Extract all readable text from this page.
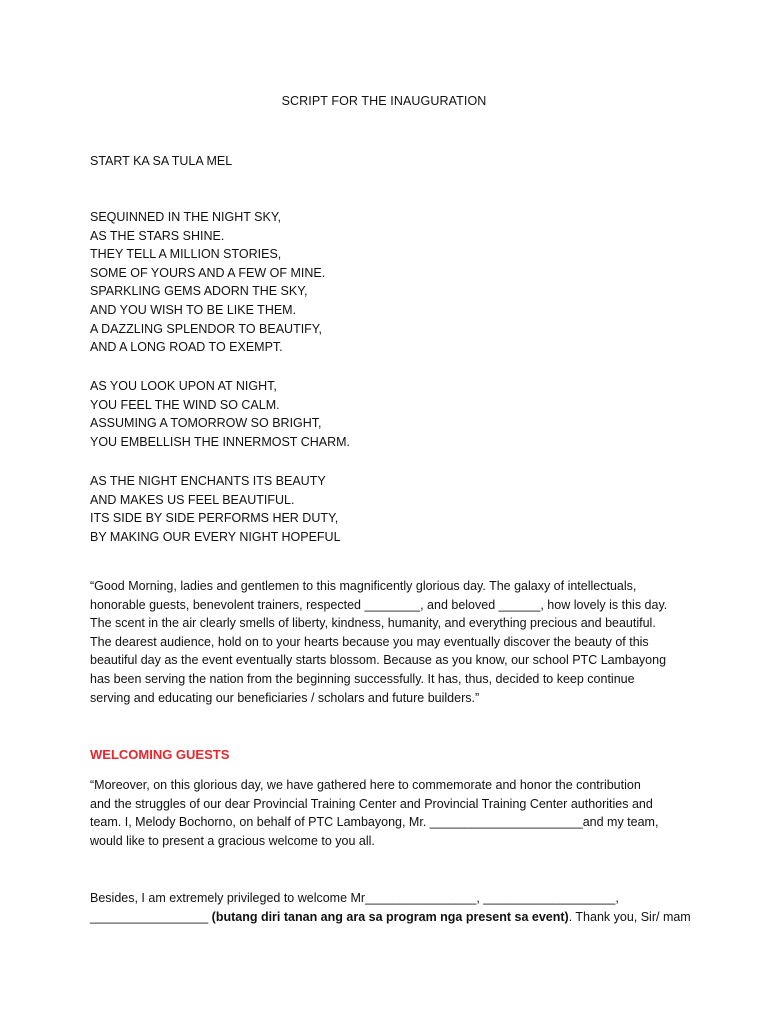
SCRIPT FOR THE INAUGURATION
START KA SA TULA MEL
SEQUINNED IN THE NIGHT SKY,
AS THE STARS SHINE.
THEY TELL A MILLION STORIES,
SOME OF YOURS AND A FEW OF MINE.
SPARKLING GEMS ADORN THE SKY,
AND YOU WISH TO BE LIKE THEM.
A DAZZLING SPLENDOR TO BEAUTIFY,
AND A LONG ROAD TO EXEMPT.
AS YOU LOOK UPON AT NIGHT,
YOU FEEL THE WIND SO CALM.
ASSUMING A TOMORROW SO BRIGHT,
YOU EMBELLISH THE INNERMOST CHARM.
AS THE NIGHT ENCHANTS ITS BEAUTY
AND MAKES US FEEL BEAUTIFUL.
ITS SIDE BY SIDE PERFORMS HER DUTY,
BY MAKING OUR EVERY NIGHT HOPEFUL
“Good Morning, ladies and gentlemen to this magnificently glorious day. The galaxy of intellectuals,
honorable guests, benevolent trainers, respected ________, and beloved ______, how lovely is this day.
The scent in the air clearly smells of liberty, kindness, humanity, and everything precious and beautiful.
The dearest audience, hold on to your hearts because you may eventually discover the beauty of this
beautiful day as the event eventually starts blossom. Because as you know, our school PTC Lambayong
has been serving the nation from the beginning successfully. It has, thus, decided to keep continue
serving and educating our beneficiaries / scholars and future builders.”
WELCOMING GUESTS
“Moreover, on this glorious day, we have gathered here to commemorate and honor the contribution
and the struggles of our dear Provincial Training Center and Provincial Training Center authorities and
team. I, Melody Bochorno, on behalf of PTC Lambayong, Mr. ______________________and my team,
would like to present a gracious welcome to you all.
Besides, I am extremely privileged to welcome Mr________________, ___________________,
_________________ (butang diri tanan ang ara sa program nga present sa event). Thank you, Sir/ mam
